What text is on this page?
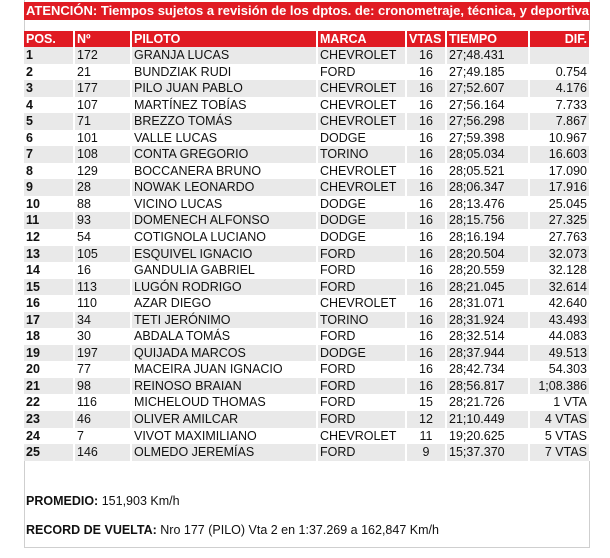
ATENCIÓN: Tiempos sujetos a revisión de los dptos. de: cronometraje, técnica, y deportiva
POS.	Nº	PILOTO	MARCA	VTAS	TIEMPO	DIF.
1	172	GRANJA LUCAS	CHEVROLET	16	27;48.431	
2	21	BUNDZIAK RUDI	FORD	16	27;49.185	0.754
3	177	PILO JUAN PABLO	CHEVROLET	16	27;52.607	4.176
4	107	MARTÍNEZ TOBÍAS	CHEVROLET	16	27;56.164	7.733
5	71	BREZZO TOMÁS	CHEVROLET	16	27;56.298	7.867
6	101	VALLE LUCAS	DODGE	16	27;59.398	10.967
7	108	CONTA GREGORIO	TORINO	16	28;05.034	16.603
8	129	BOCCANERA BRUNO	CHEVROLET	16	28;05.521	17.090
9	28	NOWAK LEONARDO	CHEVROLET	16	28;06.347	17.916
10	88	VICINO LUCAS	DODGE	16	28;13.476	25.045
11	93	DOMENECH ALFONSO	DODGE	16	28;15.756	27.325
12	54	COTIGNOLA LUCIANO	DODGE	16	28;16.194	27.763
13	105	ESQUIVEL IGNACIO	FORD	16	28;20.504	32.073
14	16	GANDULIA GABRIEL	FORD	16	28;20.559	32.128
15	113	LUGÓN RODRIGO	FORD	16	28;21.045	32.614
16	110	AZAR DIEGO	CHEVROLET	16	28;31.071	42.640
17	34	TETI JERÓNIMO	TORINO	16	28;31.924	43.493
18	30	ABDALA TOMÁS	FORD	16	28;32.514	44.083
19	197	QUIJADA MARCOS	DODGE	16	28;37.944	49.513
20	77	MACEIRA JUAN IGNACIO	FORD	16	28;42.734	54.303
21	98	REINOSO BRAIAN	FORD	16	28;56.817	1;08.386
22	116	MICHELOUD THOMAS	FORD	15	28;21.726	1 VTA
23	46	OLIVER AMILCAR	FORD	12	21;10.449	4 VTAS
24	7	VIVOT MAXIMILIANO	CHEVROLET	11	19;20.625	5 VTAS
25	146	OLMEDO JEREMÍAS	FORD	9	15;37.370	7 VTAS
PROMEDIO: 151,903 Km/h
RECORD DE VUELTA: Nro 177 (PILO) Vta 2 en 1:37.269 a 162,847 Km/h
